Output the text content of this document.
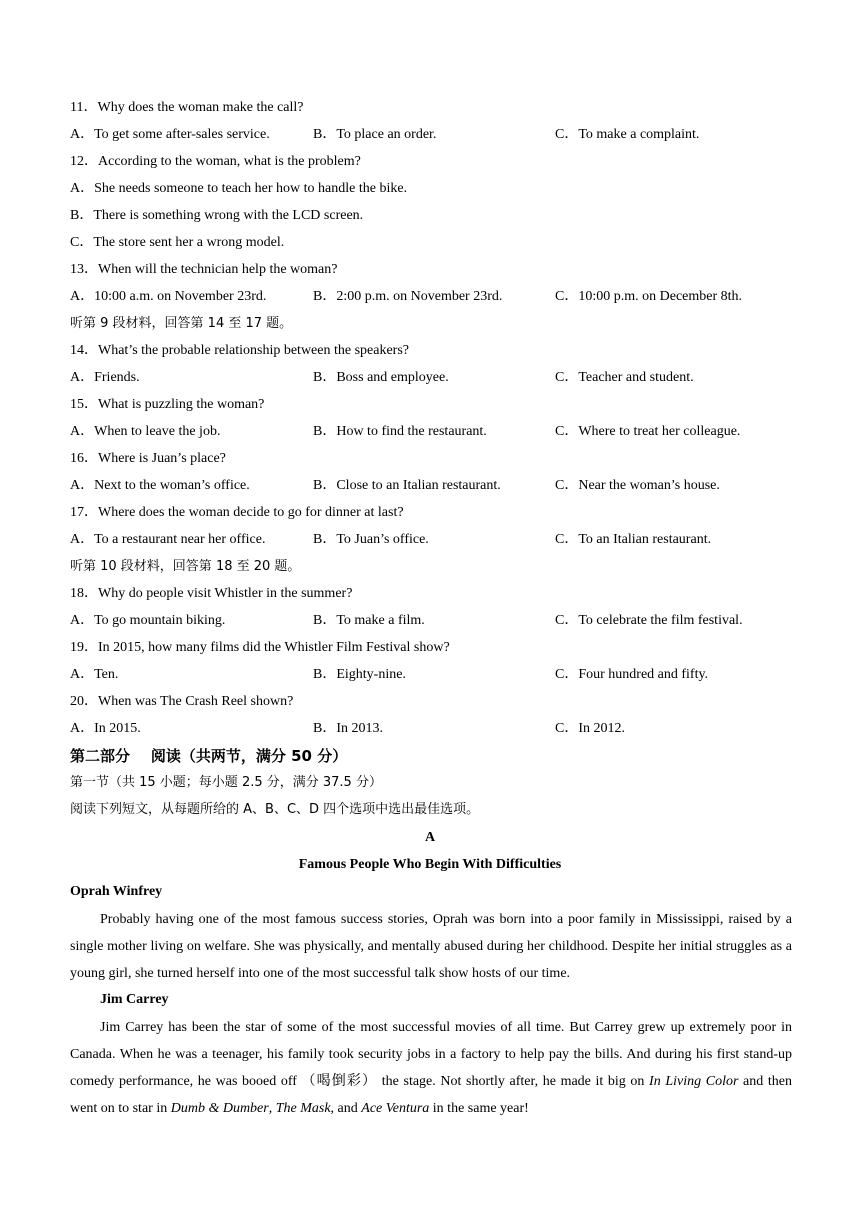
11．Why does the woman make the call?
A．To get some after-sales service.	B．To place an order.	C．To make a complaint.
12．According to the woman, what is the problem?
A．She needs someone to teach her how to handle the bike.
B．There is something wrong with the LCD screen.
C．The store sent her a wrong model.
13．When will the technician help the woman?
A．10:00 a.m. on November 23rd.	B．2:00 p.m. on November 23rd.	C．10:00 p.m. on December 8th.
听第 9 段材料，回答第 14 至 17 题。
14．What’s the probable relationship between the speakers?
A．Friends.	B．Boss and employee.	C．Teacher and student.
15．What is puzzling the woman?
A．When to leave the job.	B．How to find the restaurant.	C．Where to treat her colleague.
16．Where is Juan’s place?
A．Next to the woman’s office.	B．Close to an Italian restaurant.	C．Near the woman’s house.
17．Where does the woman decide to go for dinner at last?
A．To a restaurant near her office.	B．To Juan’s office.	C．To an Italian restaurant.
听第 10 段材料，回答第 18 至 20 题。
18．Why do people visit Whistler in the summer?
A．To go mountain biking.	B．To make a film.	C．To celebrate the film festival.
19．In 2015, how many films did the Whistler Film Festival show?
A．Ten.	B．Eighty-nine.	C．Four hundred and fifty.
20．When was The Crash Reel shown?
A．In 2015.	B．In 2013.	C．In 2012.
第二部分    阅读（共两节，满分 50 分）
第一节（共 15 小题；每小题 2.5 分，满分 37.5 分）
阅读下列短文，从每题所给的 A、B、C、D 四个选项中选出最佳选项。
A
Famous People Who Begin With Difficulties
Oprah Winfrey
Probably having one of the most famous success stories, Oprah was born into a poor family in Mississippi, raised by a single mother living on welfare. She was physically, and mentally abused during her childhood. Despite her initial struggles as a young girl, she turned herself into one of the most successful talk show hosts of our time.
Jim Carrey
Jim Carrey has been the star of some of the most successful movies of all time. But Carrey grew up extremely poor in Canada. When he was a teenager, his family took security jobs in a factory to help pay the bills. And during his first stand-up comedy performance, he was booed off （喝倒彩） the stage. Not shortly after, he made it big on In Living Color and then went on to star in Dumb & Dumber, The Mask, and Ace Ventura in the same year!
